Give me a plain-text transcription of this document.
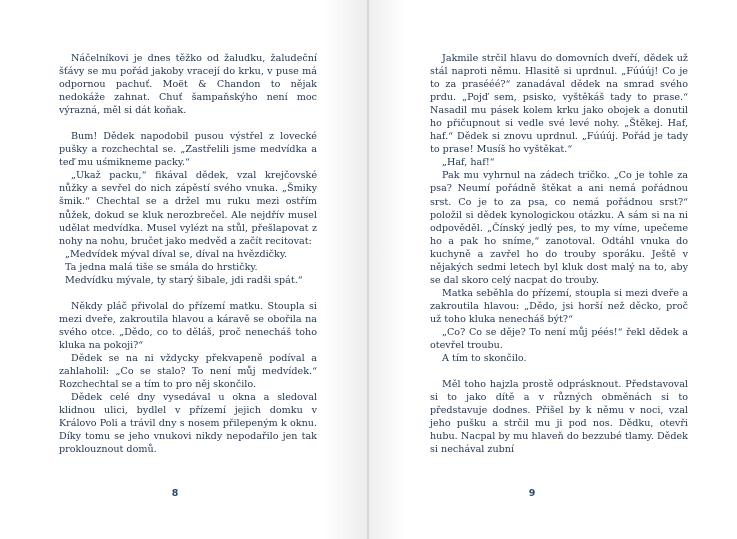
Náčelníkovi je dnes těžko od žaludku, žaludeční šťávy se mu pořád jakoby vracejí do krku, v puse má odpornou pachuť. Moët & Chandon to nějak nedokáže zahnat. Chuť šampaňskýho není moc výrazná, měl si dát koňak.

Bum! Dědek napodobil pusou výstřel z lovecké pušky a rozchechtal se. „Zastřelili jsme medvídka a teď mu uśmikneme packy.“

„Ukaž packu,“ fikával dědek, vzal krejčovské nůžky a sevřel do nich zápěstí svého vnuka. „Šmiky šmik.“ Chechtal se a držel mu ruku mezi ostřím nůžek, dokud se kluk nerozbrečel. Ale nejdřív musel udělat medvídka. Musel vylézt na stůl, přešlapovat z nohy na nohu, bručet jako medvěd a začít recitovat:

„Medvídek mýval díval se, díval na hvězdičky.

Ta jedna malá tiše se smála do hrstičky.

Medvídku mývale, ty starý šibale, jdi radši spát.“

Někdy pláč přivolal do přízemí matku. Stoupla si mezi dveře, zakroutila hlavou a káravě se obořila na svého otce. „Dědo, co to děláš, proč nenecháš toho kluka na pokoji?“

Dědek se na ni vždycky překvapeně podíval a zahlaholil: „Co se stalo? To není můj medvídek.“ Rozchechtal se a tím to pro něj skončilo.

Dědek celé dny vysedával u okna a sledoval klidnou ulici, bydlel v přízemí jejich domku v Královo Poli a trávil dny s nosem přilepeným k oknu. Díky tomu se jeho vnukovi nikdy nepodařilo jen tak proklouznout domů.

8

Jakmile strčil hlavu do domovních dveří, dědek už stál naproti němu. Hlasitě si uprdnul. „Fúúúj! Co je to za prasééé?“ zanadával dědek na smrad svého prdu. „Pojď sem, psisko, vyštěkáš tady to prase.“ Nasadil mu pásek kolem krku jako obojek a donutil ho přičupnout si vedle své levé nohy. „Štěkej. Haf, haf.“ Dědek si znovu uprdnul. „Fúúúj. Pořád je tady to prase! Musíš ho vyštěkat.“

„Haf, haf!“

Pak mu vyhrnul na zádech tričko. „Co je tohle za psa? Neumí pořádně štěkat a ani nemá pořádnou srst. Co je to za psa, co nemá pořádnou srst?“ položil si dědek kynologickou otázku. A sám si na ni odpověděl. „Čínský jedlý pes, to my víme, upečeme ho a pak ho sníme,“ zanotoval. Odtáhl vnuka do kuchyně a zavřel ho do trouby sporáku. Ještě v nějakých sedmi letech byl kluk dost malý na to, aby se dal skoro celý nacpat do trouby.

Matka seběhla do přízemí, stoupla si mezi dveře a zakroutila hlavou: „Dědo, jsi horší než děcko, proč už toho kluka nenecháš být?“

„Co? Co se děje? To není můj péés!“ řekl dědek a otevřel troubu.

A tím to skončilo.

Měl toho hajzla prostě odprásknout. Představoval si to jako dítě a v různých obměnách si to představuje dodnes. Přišel by k němu v noci, vzal jeho pušku a strčil mu ji pod nos. Dědku, otevři hubu. Nacpal by mu hlaveň do bezzubé tlamy. Dědek si nechával zubní

9
